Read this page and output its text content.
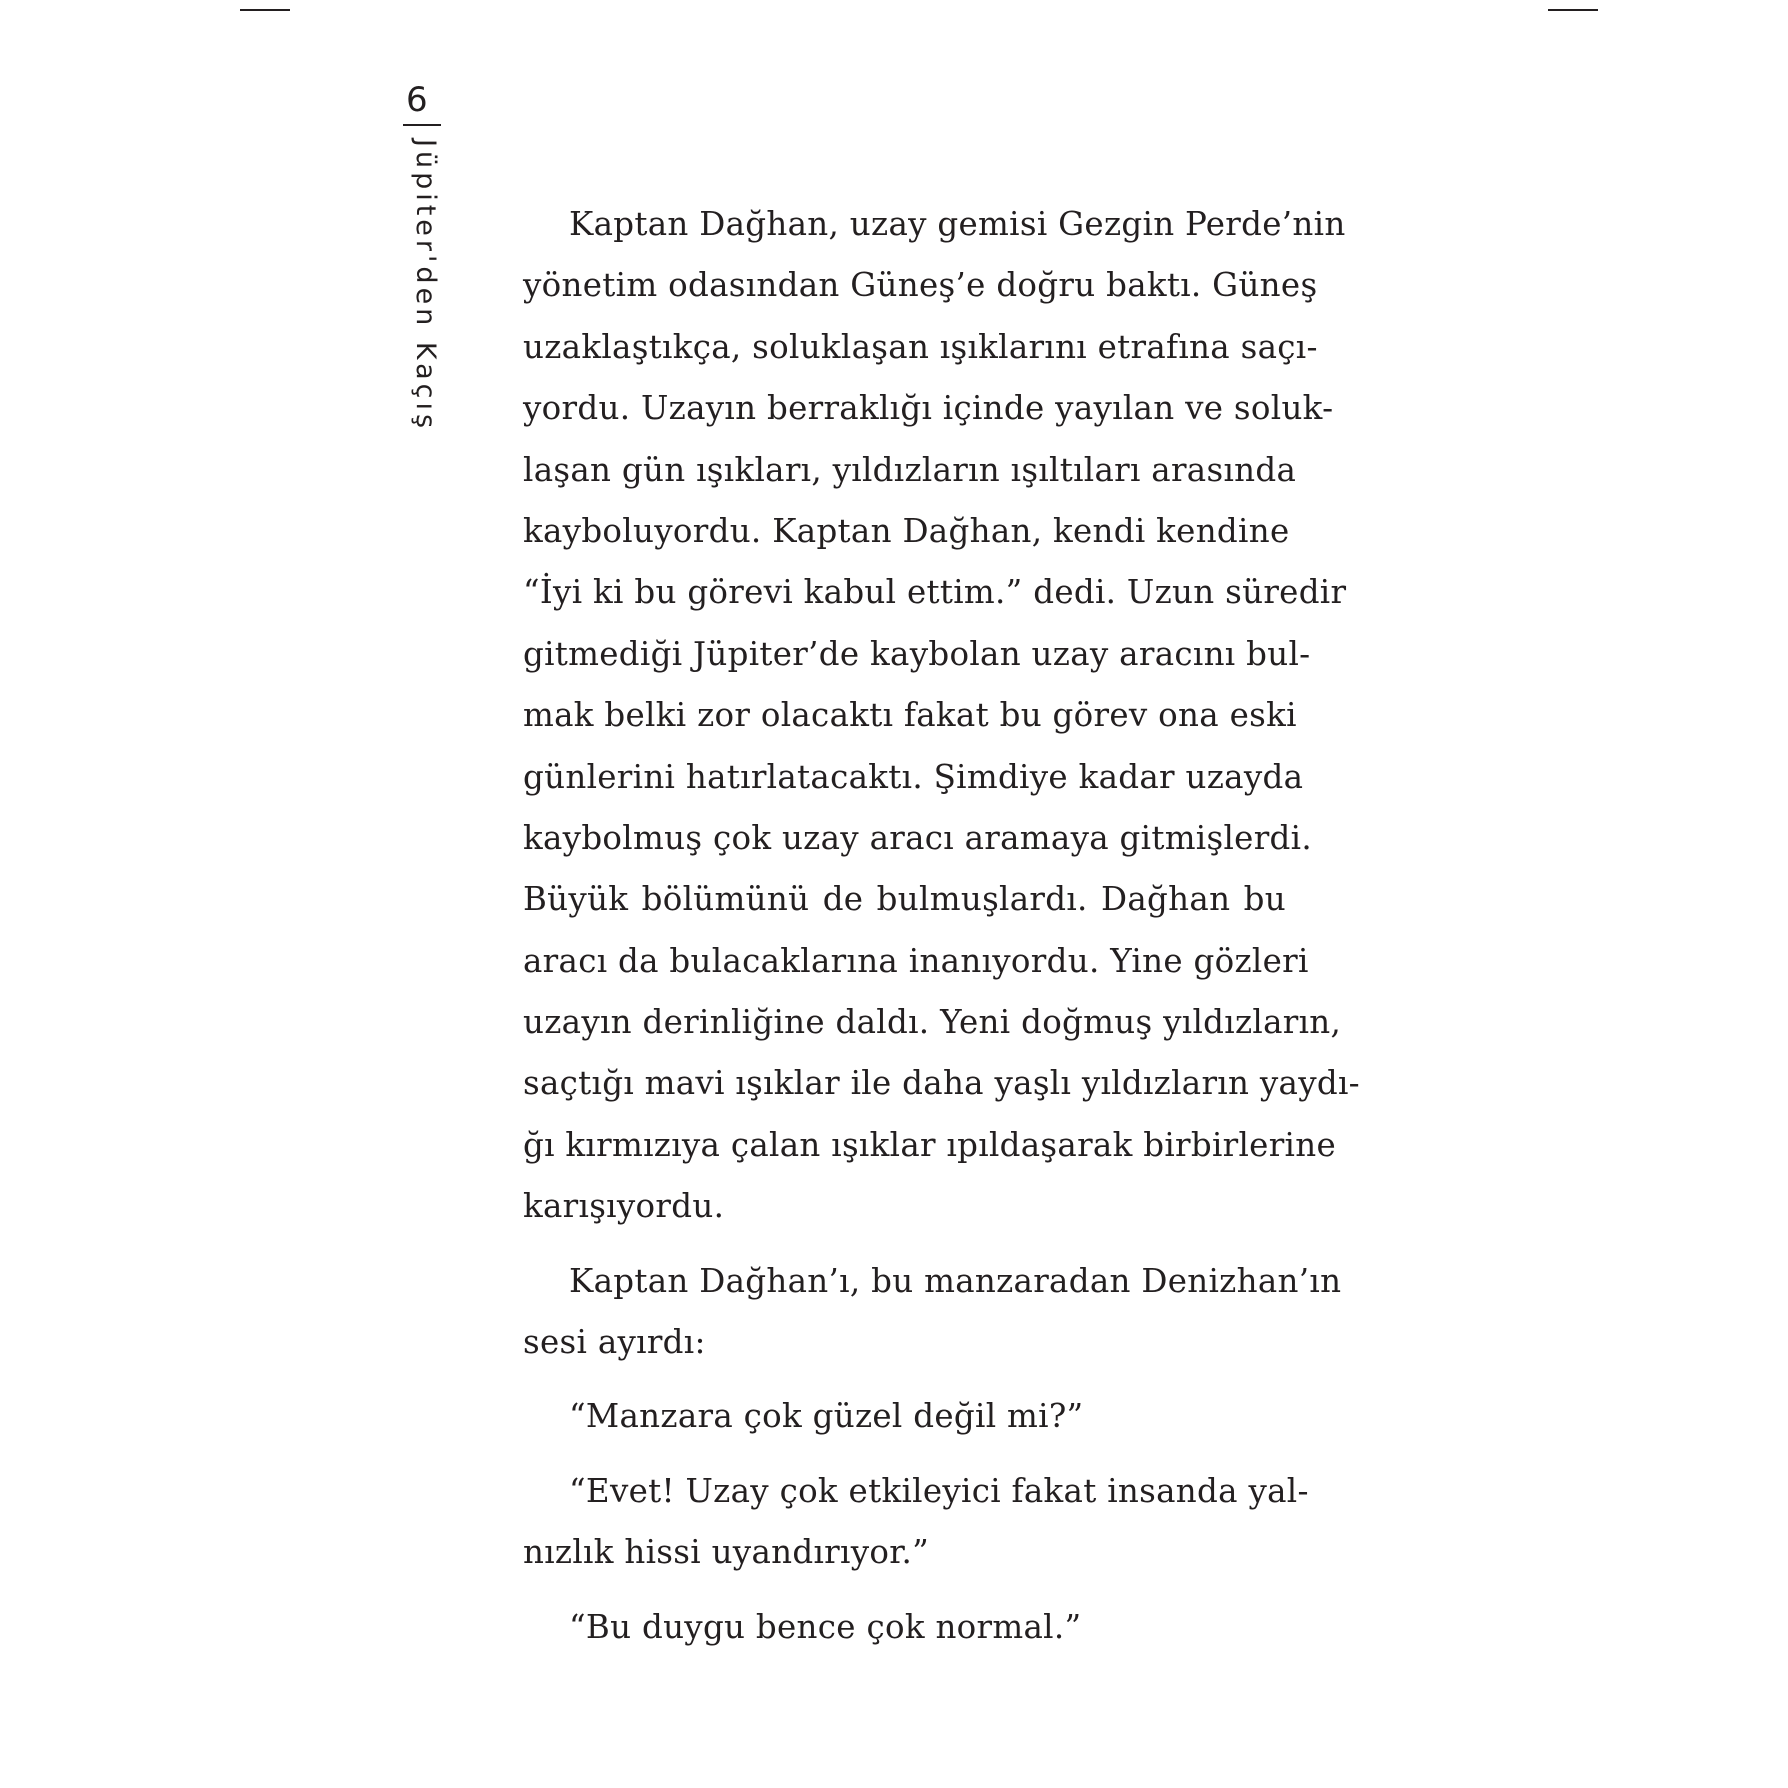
6
Jüpiter'den Kaçış	Kaptan Dağhan, uzay gemisi Gezgin Perde’nin
yönetim odasından Güneş’e doğru baktı. Güneş
uzaklaştıkça, soluklaşan ışıklarını etrafına saçı-
yordu. Uzayın berraklığı içinde yayılan ve soluk-
laşan gün ışıkları, yıldızların ışıltıları arasında
kayboluyordu. Kaptan Dağhan, kendi kendine
“İyi ki bu görevi kabul ettim.” dedi. Uzun süredir
gitmediği Jüpiter’de kaybolan uzay aracını bul-
mak belki zor olacaktı fakat bu görev ona eski
günlerini hatırlatacaktı. Şimdiye kadar uzayda
kaybolmuş çok uzay aracı aramaya gitmişlerdi.
Büyük bölümünü de bulmuşlardı. Dağhan bu
aracı da bulacaklarına inanıyordu. Yine gözleri
uzayın derinliğine daldı. Yeni doğmuş yıldızların,
saçtığı mavi ışıklar ile daha yaşlı yıldızların yaydı-
ğı kırmızıya çalan ışıklar ıpıldaşarak birbirlerine
karışıyordu.
Kaptan Dağhan’ı, bu manzaradan Denizhan’ın
sesi ayırdı:
“Manzara çok güzel değil mi?”
“Evet! Uzay çok etkileyici fakat insanda yal-
nızlık hissi uyandırıyor.”
“Bu duygu bence çok normal.”
